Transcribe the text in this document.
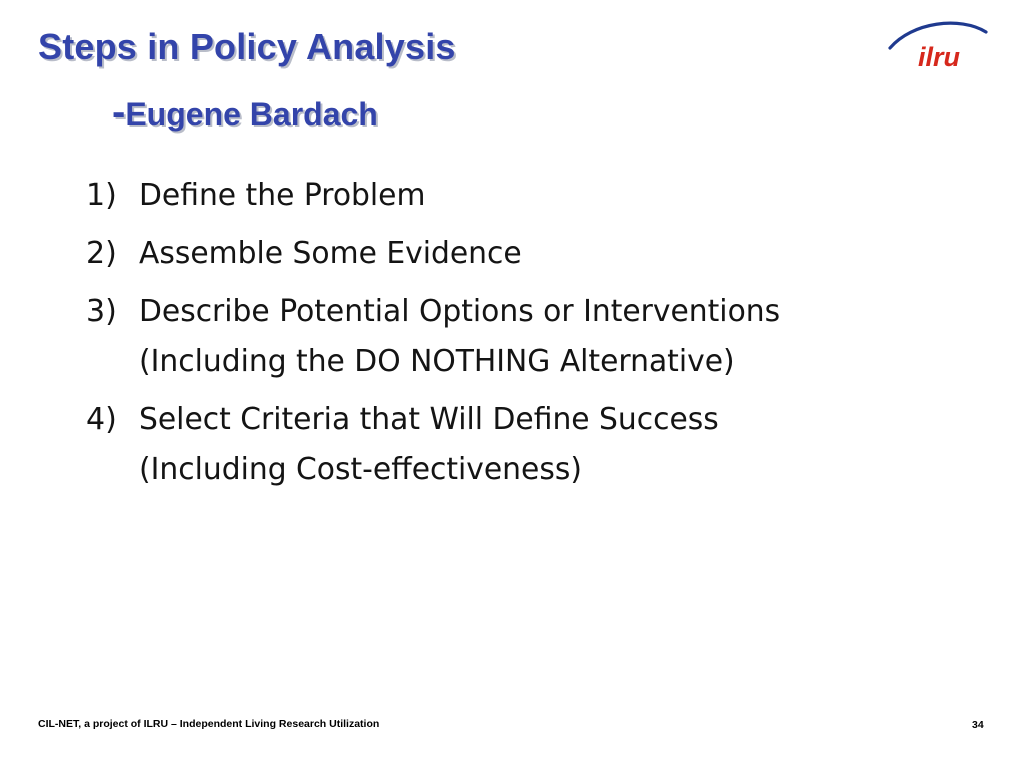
Steps in Policy Analysis
-Eugene Bardach
ilru
1) Define the Problem
2) Assemble Some Evidence
3) Describe Potential Options or Interventions
(Including the DO NOTHING Alternative)
4) Select Criteria that Will Define Success
(Including Cost-effectiveness)
CIL-NET, a project of ILRU – Independent Living Research Utilization	34
